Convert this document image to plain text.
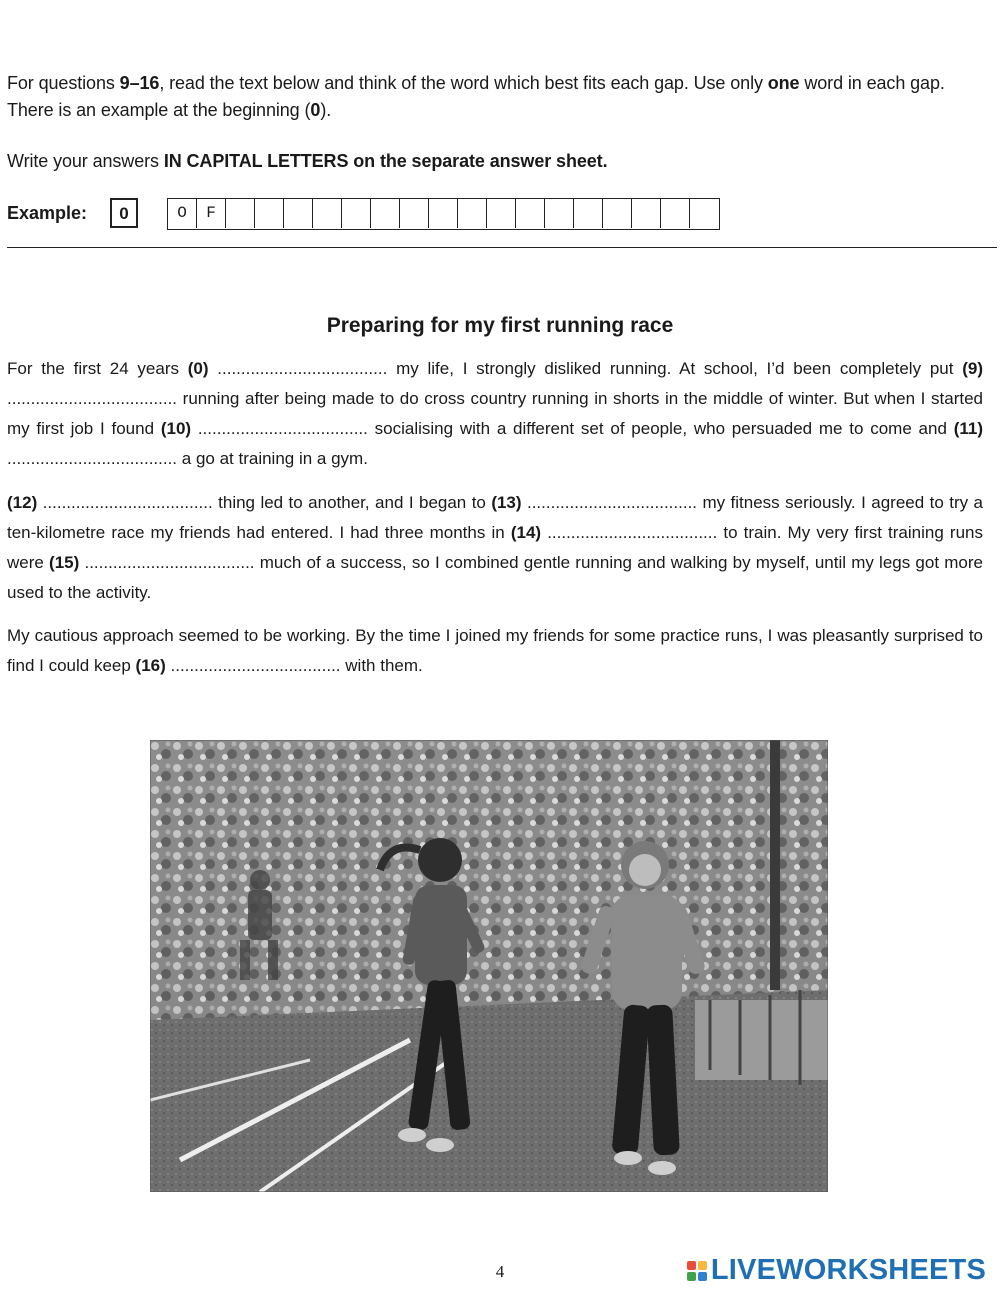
For questions 9–16, read the text below and think of the word which best fits each gap. Use only one word in each gap. There is an example at the beginning (0).
Write your answers IN CAPITAL LETTERS on the separate answer sheet.
Example:	0	O	F
Preparing for my first running race
For the first 24 years (0) .................................... my life, I strongly disliked running. At school, I’d been completely put (9) .................................... running after being made to do cross country running in shorts in the middle of winter. But when I started my first job I found (10) .................................... socialising with a different set of people, who persuaded me to come and (11) .................................... a go at training in a gym.
(12) .................................... thing led to another, and I began to (13) .................................... my fitness seriously. I agreed to try a ten-kilometre race my friends had entered. I had three months in (14) .................................... to train. My very first training runs were (15) .................................... much of a success, so I combined gentle running and walking by myself, until my legs got more used to the activity.
My cautious approach seemed to be working. By the time I joined my friends for some practice runs, I was pleasantly surprised to find I could keep (16) .................................... with them.
4	LIVEWORKSHEETS
